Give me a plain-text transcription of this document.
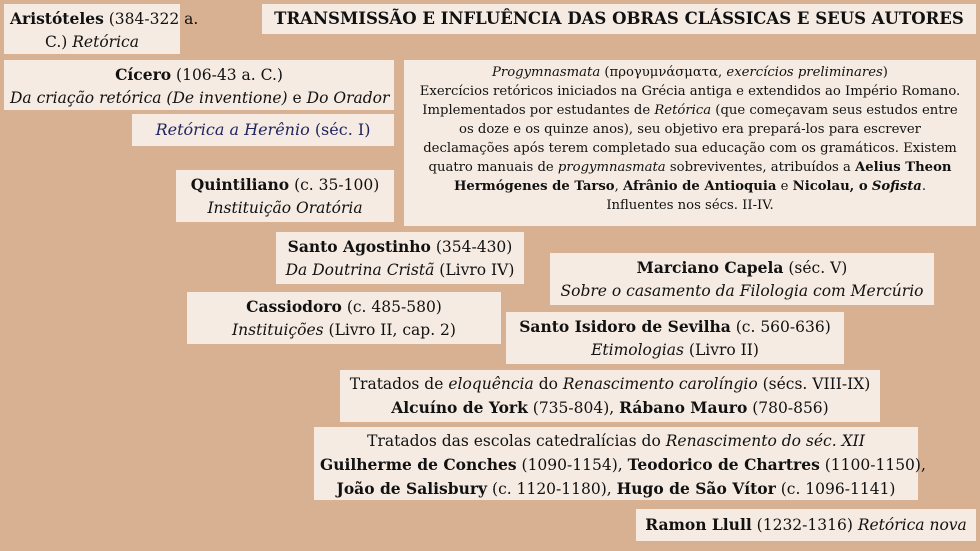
TRANSMISSÃO E INFLUÊNCIA DAS OBRAS CLÁSSICAS E SEUS AUTORES
Aristóteles (384-322 a.
C.) Retórica
Cícero (106-43 a. C.)
Da criação retórica (De inventione) e Do Orador
Retórica a Herênio (séc. I)
Quintiliano (c. 35-100)
Instituição Oratória
Progymnasmata (προγυμνάσματα, exercícios preliminares)
Exercícios retóricos iniciados na Grécia antiga e extendidos ao Império Romano.
Implementados por estudantes de Retórica (que começavam seus estudos entre
os doze e os quinze anos), seu objetivo era prepará-los para escrever
declamações após terem completado sua educação com os gramáticos. Existem
quatro manuais de progymnasmata sobreviventes, atribuídos a Aelius Theon
Hermógenes de Tarso, Afrânio de Antioquia e Nicolau, o Sofista.
Influentes nos sécs. II-IV.
Santo Agostinho (354-430)
Da Doutrina Cristã (Livro IV)	Marciano Capela (séc. V)
Sobre o casamento da Filologia com Mercúrio
Cassiodoro (c. 485-580)
Instituições (Livro II, cap. 2)	Santo Isidoro de Sevilha (c. 560-636)
Etimologias (Livro II)
Tratados de eloquência do Renascimento carolíngio (sécs. VIII-IX)
Alcuíno de York (735-804), Rábano Mauro (780-856)
Tratados das escolas catedralícias do Renascimento do séc. XII
Guilherme de Conches (1090-1154), Teodorico de Chartres (1100-1150),
João de Salisbury (c. 1120-1180), Hugo de São Vítor (c. 1096-1141)
Ramon Llull (1232-1316) Retórica nova
